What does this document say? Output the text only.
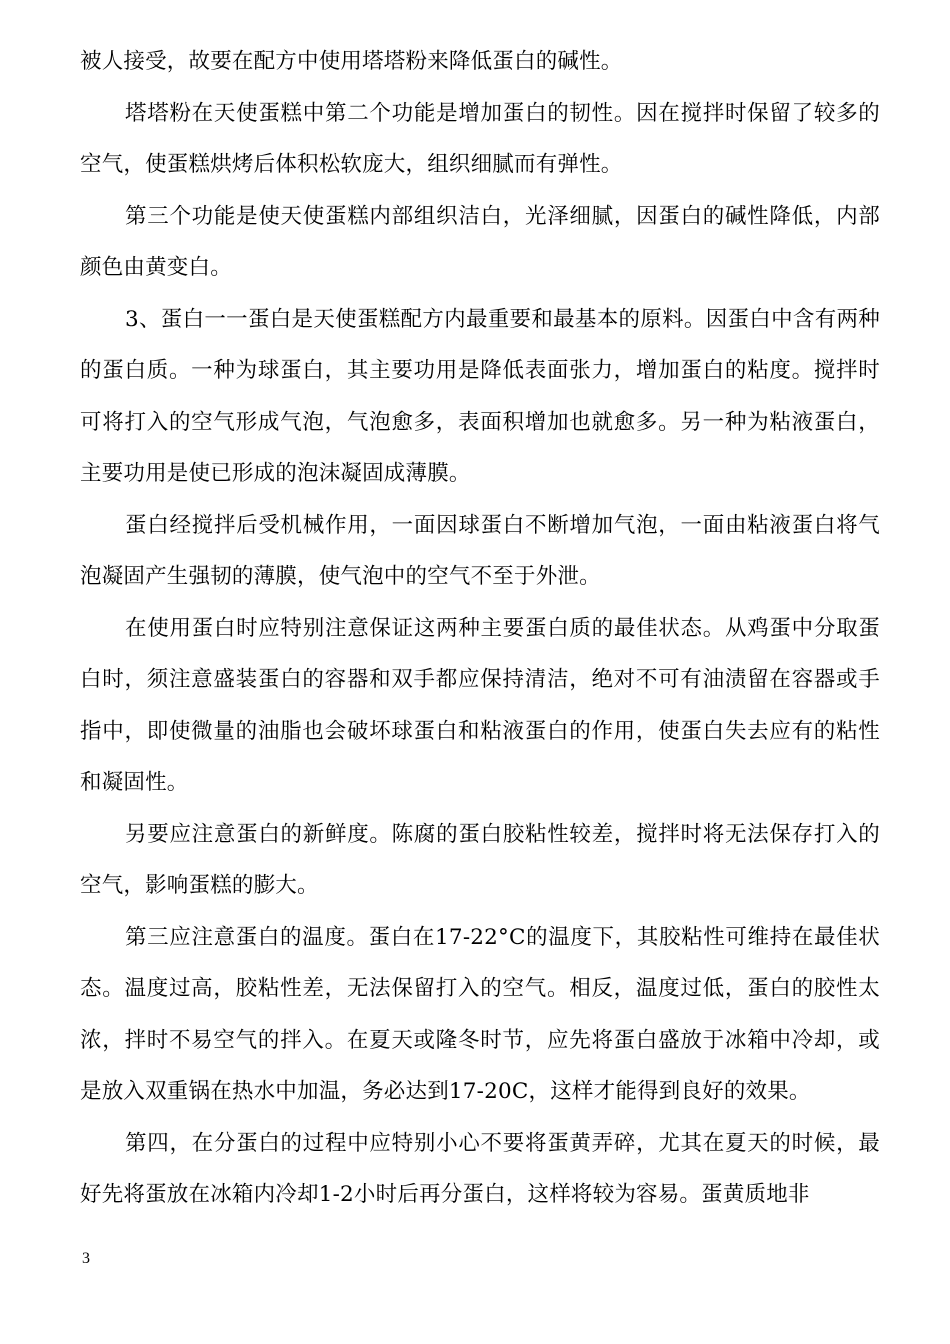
被人接受，故要在配方中使用塔塔粉来降低蛋白的碱性。

塔塔粉在天使蛋糕中第二个功能是增加蛋白的韧性。因在搅拌时保留了较多的空气，使蛋糕烘烤后体积松软庞大，组织细腻而有弹性。

第三个功能是使天使蛋糕内部组织洁白，光泽细腻，因蛋白的碱性降低，内部颜色由黄变白。

3、蛋白一一蛋白是天使蛋糕配方内最重要和最基本的原料。因蛋白中含有两种的蛋白质。一种为球蛋白，其主要功用是降低表面张力，增加蛋白的粘度。搅拌时可将打入的空气形成气泡，气泡愈多，表面积增加也就愈多。另一种为粘液蛋白，主要功用是使已形成的泡沫凝固成薄膜。

蛋白经搅拌后受机械作用，一面因球蛋白不断增加气泡，一面由粘液蛋白将气泡凝固产生强韧的薄膜，使气泡中的空气不至于外泄。

在使用蛋白时应特别注意保证这两种主要蛋白质的最佳状态。从鸡蛋中分取蛋白时，须注意盛装蛋白的容器和双手都应保持清洁，绝对不可有油渍留在容器或手指中，即使微量的油脂也会破坏球蛋白和粘液蛋白的作用，使蛋白失去应有的粘性和凝固性。

另要应注意蛋白的新鲜度。陈腐的蛋白胶粘性较差，搅拌时将无法保存打入的空气，影响蛋糕的膨大。

第三应注意蛋白的温度。蛋白在17-22°C的温度下，其胶粘性可维持在最佳状态。温度过高，胶粘性差，无法保留打入的空气。相反，温度过低，蛋白的胶性太浓，拌时不易空气的拌入。在夏天或隆冬时节，应先将蛋白盛放于冰箱中冷却，或是放入双重锅在热水中加温，务必达到17-20C，这样才能得到良好的效果。

第四，在分蛋白的过程中应特别小心不要将蛋黄弄碎，尤其在夏天的时候，最好先将蛋放在冰箱内冷却1-2小时后再分蛋白，这样将较为容易。蛋黄质地非

3
